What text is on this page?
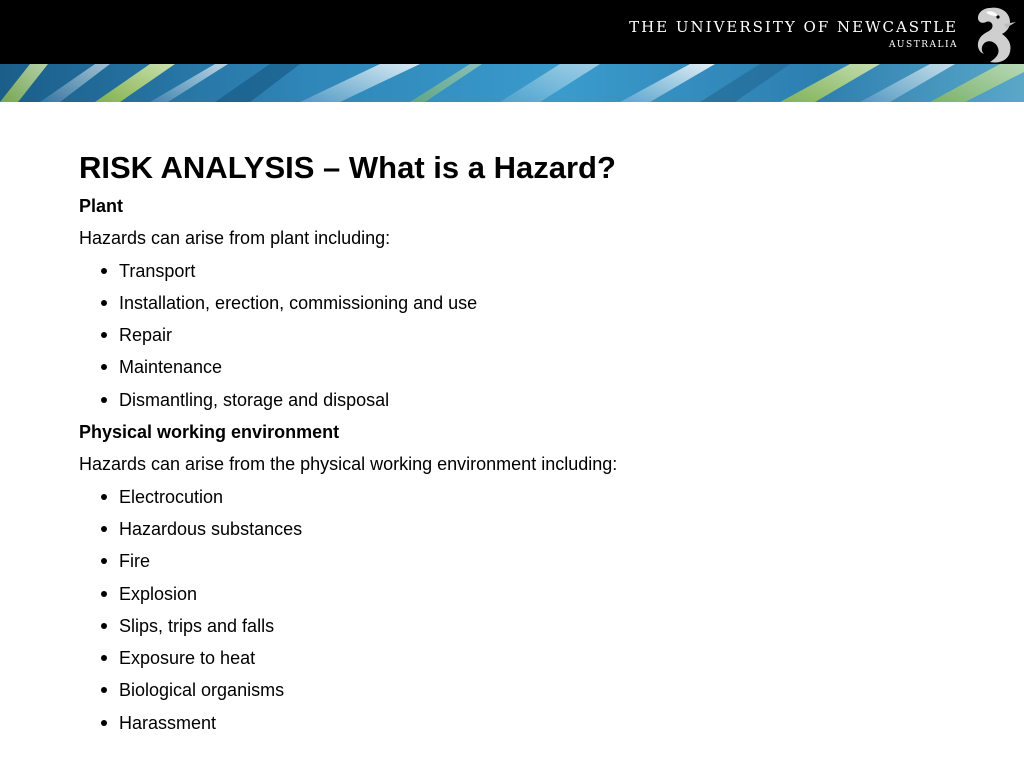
THE UNIVERSITY OF NEWCASTLE
AUSTRALIA
RISK ANALYSIS – What is a Hazard?
Plant
Hazards can arise from plant including:
Transport
Installation, erection, commissioning and use
Repair
Maintenance
Dismantling, storage and disposal
Physical working environment
Hazards can arise from the physical working environment including:
Electrocution
Hazardous substances
Fire
Explosion
Slips, trips and falls
Exposure to heat
Biological organisms
Harassment
